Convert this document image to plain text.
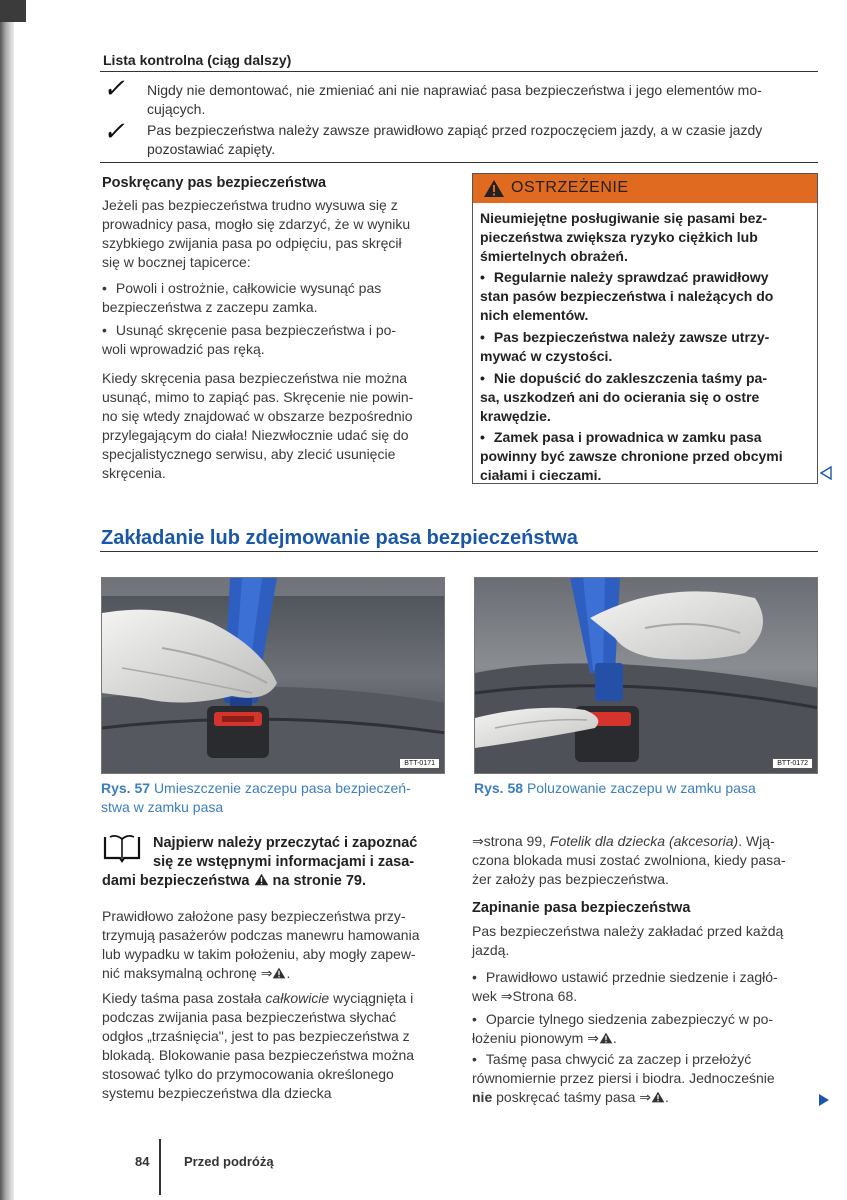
Lista kontrolna (ciąg dalszy)
✓ Nigdy nie demontować, nie zmieniać ani nie naprawiać pasa bezpieczeństwa i jego elementów mo-
cujących.
✓ Pas bezpieczeństwa należy zawsze prawidłowo zapiąć przed rozpoczęciem jazdy, a w czasie jazdy
pozostawiać zapięty.
Poskręcany pas bezpieczeństwa
Jeżeli pas bezpieczeństwa trudno wysuwa się z
prowadnicy pasa, mogło się zdarzyć, że w wyniku
szybkiego zwijania pasa po odpięciu, pas skręcił
się w bocznej tapicerce:
• Powoli i ostrożnie, całkowicie wysunąć pas
bezpieczeństwa z zaczepu zamka.
• Usunąć skręcenie pasa bezpieczeństwa i po-
woli wprowadzić pas ręką.
Kiedy skręcenia pasa bezpieczeństwa nie można
usunąć, mimo to zapiąć pas. Skręcenie nie powin-
no się wtedy znajdować w obszarze bezpośrednio
przylegającym do ciała! Niezwłocznie udać się do
specjalistycznego serwisu, aby zlecić usunięcie
skręcenia.
OSTRZEŻENIE
Nieumiejętne posługiwanie się pasami bez-
pieczeństwa zwiększa ryzyko ciężkich lub
śmiertelnych obrażeń.
• Regularnie należy sprawdzać prawidłowy
stan pasów bezpieczeństwa i należących do
nich elementów.
• Pas bezpieczeństwa należy zawsze utrzy-
mywać w czystości.
• Nie dopuścić do zakleszczenia taśmy pa-
sa, uszkodzeń ani do ocierania się o ostre
krawędzie.
• Zamek pasa i prowadnica w zamku pasa
powinny być zawsze chronione przed obcymi
ciałami i cieczami.
Zakładanie lub zdejmowanie pasa bezpieczeństwa
BTT-0171	BTT-0172
Rys. 57 Umieszczenie zaczepu pasa bezpieczeń-
stwa w zamku pasa
Rys. 58 Poluzowanie zaczepu w zamku pasa
Najpierw należy przeczytać i zapoznać
się ze wstępnymi informacjami i zasa-
dami bezpieczeństwa na stronie 79.
Prawidłowo założone pasy bezpieczeństwa przy-
trzymują pasażerów podczas manewru hamowania
lub wypadku w takim położeniu, aby mogły zapew-
nić maksymalną ochronę ⇒ .
Kiedy taśma pasa została całkowicie wyciągnięta i
podczas zwijania pasa bezpieczeństwa słychać
odgłos „trzaśnięcia", jest to pas bezpieczeństwa z
blokadą. Blokowanie pasa bezpieczeństwa można
stosować tylko do przymocowania określonego
systemu bezpieczeństwa dla dziecka
⇒strona 99, Fotelik dla dziecka (akcesoria). Wją-
czona blokada musi zostać zwolniona, kiedy pasa-
żer założy pas bezpieczeństwa.
Zapinanie pasa bezpieczeństwa
Pas bezpieczeństwa należy zakładać przed każdą
jazdą.
• Prawidłowo ustawić przednie siedzenie i zagłó-
wek ⇒Strona 68.
• Oparcie tylnego siedzenia zabezpieczyć w po-
łożeniu pionowym ⇒ .
• Taśmę pasa chwycić za zaczep i przełożyć
równomiernie przez piersi i biodra. Jednocześnie
nie poskręcać taśmy pasa ⇒ .
84	Przed podróżą
